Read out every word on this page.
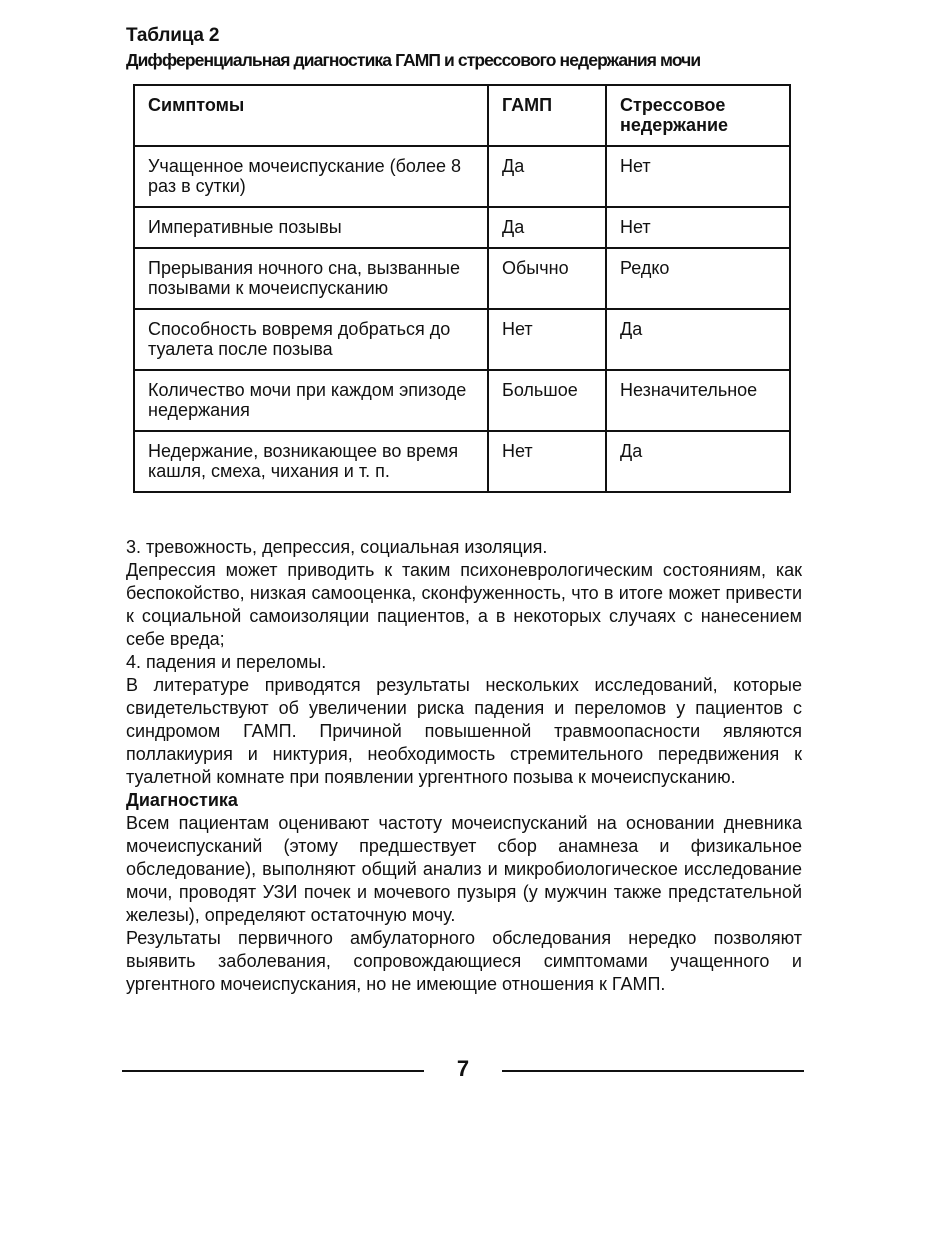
Таблица 2
Дифференциальная диагностика ГАМП и стрессового недержания мочи
Симптомы	ГАМП	Стрессовое недержание
Учащенное мочеиспускание (более 8 раз в сутки)	Да	Нет
Императивные позывы	Да	Нет
Прерывания ночного сна, вызванные позывами к мочеиспусканию	Обычно	Редко
Способность вовремя добраться до туалета после позыва	Нет	Да
Количество мочи при каждом эпизоде недержания	Большое	Незначительное
Недержание, возникающее во время кашля, смеха, чихания и т. п.	Нет	Да

3. тревожность, депрессия, социальная изоляция.

Депрессия может приводить к таким психоневрологическим состояниям, как беспокойство, низкая самооценка, сконфуженность, что в итоге может привести к социальной самоизоляции пациентов, а в некоторых случаях с нанесением себе вреда;

4. падения и переломы.

В литературе приводятся результаты нескольких исследований, которые свидетельствуют об увеличении риска падения и переломов у пациентов с синдромом ГАМП. Причиной повышенной травмоопасности являются поллакиурия и никтурия, необходимость стремительного передвижения к туалетной комнате при появлении ургентного позыва к мочеиспусканию.

Диагностика

Всем пациентам оценивают частоту мочеиспусканий на основании дневника мочеиспусканий (этому предшествует сбор анамнеза и физикальное обследование), выполняют общий анализ и микробиологическое исследование мочи, проводят УЗИ почек и мочевого пузыря (у мужчин также предстательной железы), определяют остаточную мочу.

Результаты первичного амбулаторного обследования нередко позволяют выявить заболевания, сопровождающиеся симптомами учащенного и ургентного мочеиспускания, но не имеющие отношения к ГАМП.

7
